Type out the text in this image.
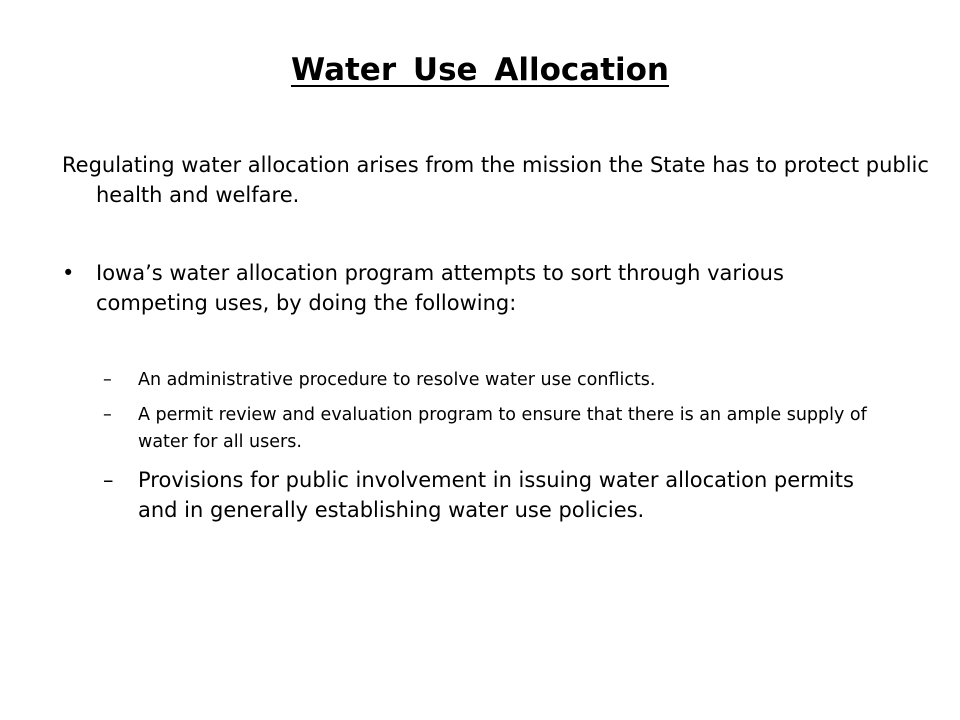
Water Use Allocation

Regulating water allocation arises from the mission the State has to protect public health and welfare.

•	Iowa’s water allocation program attempts to sort through various competing uses, by doing the following:
–	An administrative procedure to resolve water use conflicts.
–	A permit review and evaluation program to ensure that there is an ample supply of water for all users.
–	Provisions for public involvement in issuing water allocation permits and in generally establishing water use policies.
